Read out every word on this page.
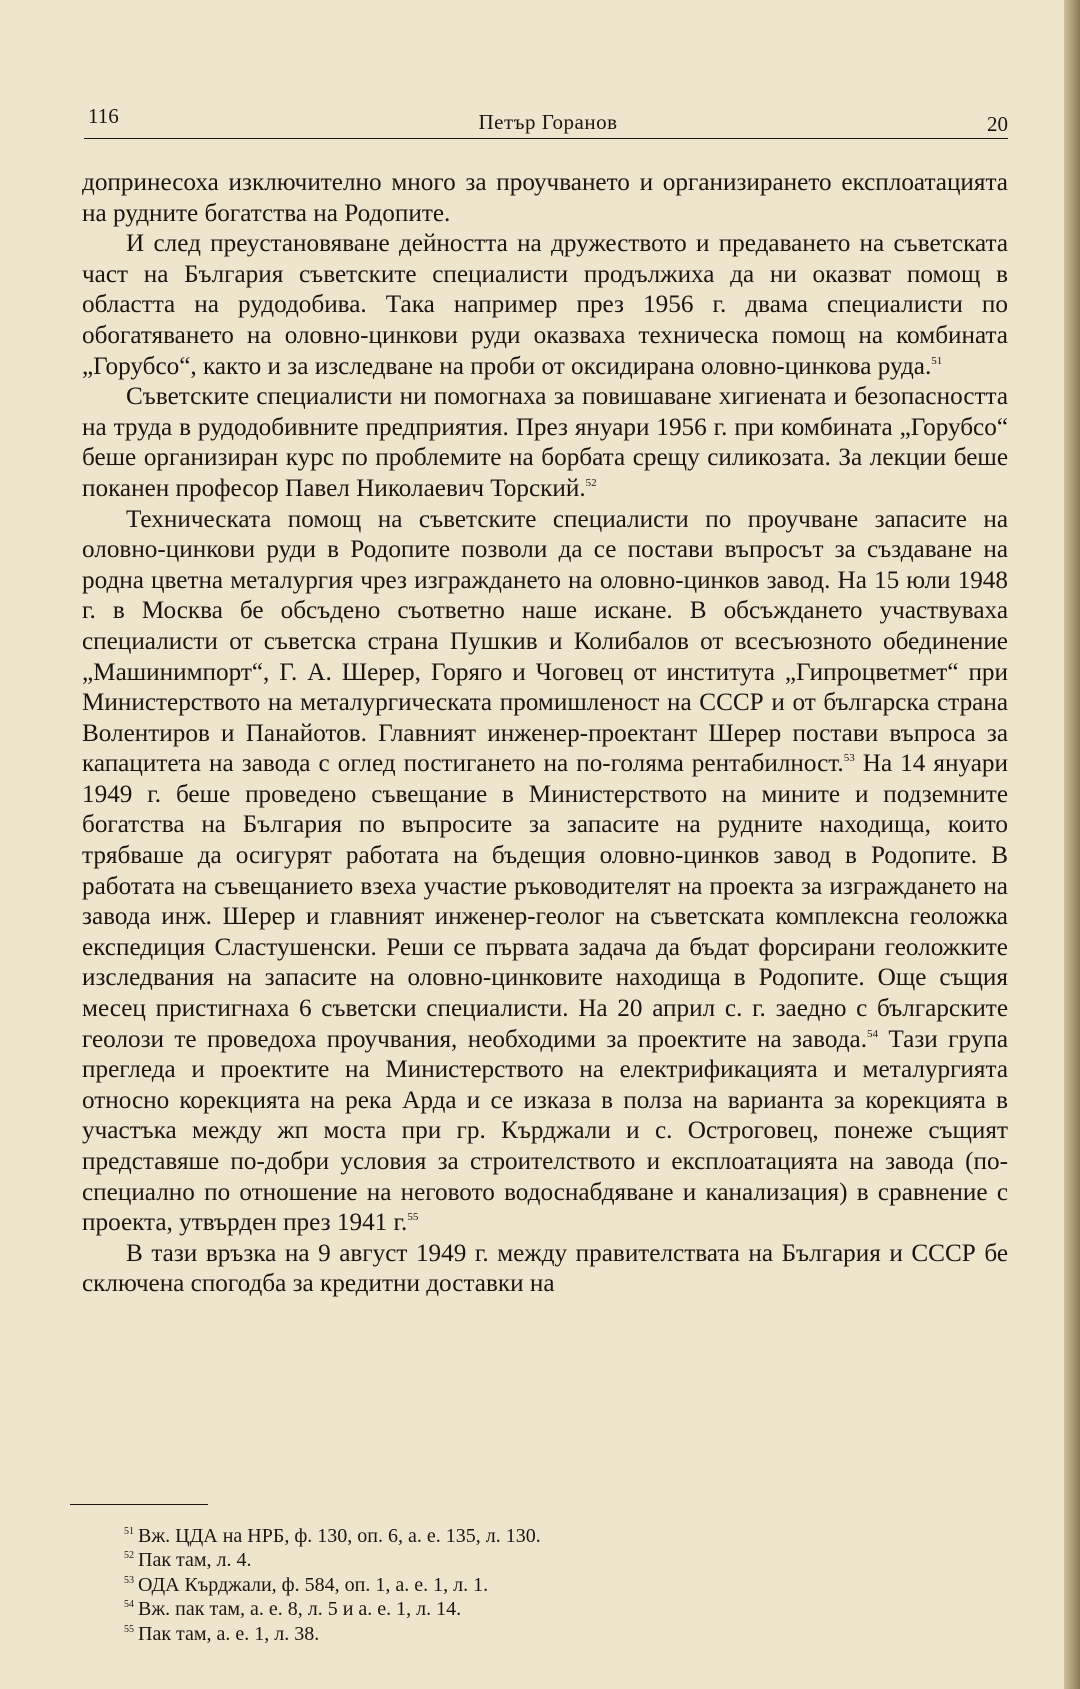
116	Петър Горанов	20

допринесоха изключително много за проучването и организирането експлоатацията на рудните богатства на Родопите.

И след преустановяване дейността на дружеството и предаването на съветската част на България съветските специалисти продължиха да ни оказват помощ в областта на рудодобива. Така например през 1956 г. двама специалисти по обогатяването на оловно-цинкови руди оказваха техническа помощ на комбината „Горубсо“, както и за изследване на проби от оксидирана оловно-цинкова руда.$^{51}$

Съветските специалисти ни помогнаха за повишаване хигиената и безопасността на труда в рудодобивните предприятия. През януари 1956 г. при комбината „Горубсо“ беше организиран курс по проблемите на борбата срещу силикозата. За лекции беше поканен професор Павел Николаевич Торский.$^{52}$

Техническата помощ на съветските специалисти по проучване запасите на оловно-цинкови руди в Родопите позволи да се постави въпросът за създаване на родна цветна металургия чрез изграждането на оловно-цинков завод. На 15 юли 1948 г. в Москва бе обсъдено съответно наше искане. В обсъждането участвуваха специалисти от съветска страна Пушкив и Колибалов от всесъюзното обединение „Машинимпорт“, Г. А. Шерер, Горяго и Чоговец от института „Гипроцветмет“ при Министерството на металургическата промишленост на СССР и от българска страна Волентиров и Панайотов. Главният инженер-проектант Шерер постави въпроса за капацитета на завода с оглед постигането на по-голяма рентабилност.$^{53}$ На 14 януари 1949 г. беше проведено съвещание в Министерството на мините и подземните богатства на България по въпросите за запасите на рудните находища, които трябваше да осигурят работата на бъдещия оловно-цинков завод в Родопите. В работата на съвещанието взеха участие ръководителят на проекта за изграждането на завода инж. Шерер и главният инженер-геолог на съветската комплексна геоложка експедиция Сластушенски. Реши се първата задача да бъдат форсирани геоложките изследвания на запасите на оловно-цинковите находища в Родопите. Още същия месец пристигнаха 6 съветски специалисти. На 20 април с. г. заедно с българските геолози те проведоха проучвания, необходими за проектите на завода.$^{54}$ Тази група прегледа и проектите на Министерството на електрификацията и металургията относно корекцията на река Арда и се изказа в полза на варианта за корекцията в участъка между жп моста при гр. Кърджали и с. Остроговец, понеже същият представяше по-добри условия за строителството и експлоатацията на завода (по-специално по отношение на неговото водоснабдяване и канализация) в сравнение с проекта, утвърден през 1941 г.$^{55}$

В тази връзка на 9 август 1949 г. между правителствата на България и СССР бе сключена спогодба за кредитни доставки на

$^{51}$ Вж. ЦДА на НРБ, ф. 130, оп. 6, а. е. 135, л. 130.
$^{52}$ Пак там, л. 4.
$^{53}$ ОДА Кърджали, ф. 584, оп. 1, а. е. 1, л. 1.
$^{54}$ Вж. пак там, а. е. 8, л. 5 и а. е. 1, л. 14.
$^{55}$ Пак там, а. е. 1, л. 38.
